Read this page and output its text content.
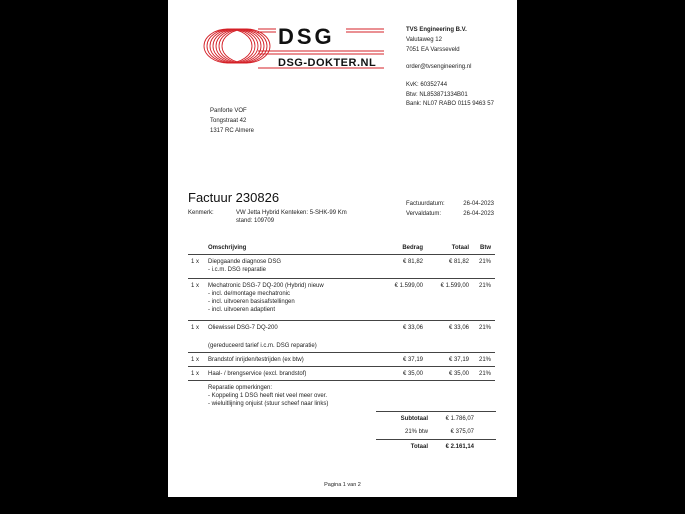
DSG
DSG-DOKTER.NL
TVS Engineering B.V.
Valutaweg 12
7051 EA Varsseveld
order@tvsengineering.nl
KvK: 60352744
Btw: NL853871334B01
Bank: NL07 RABO 0115 9463 57
Panforte VOF
Tongstraat 42
1317 RC Almere
Factuur 230826
Kenmerk:	VW Jetta Hybrid Kenteken: 5-SHK-99 Km stand: 109709
Factuurdatum:	26-04-2023
Vervaldatum:	26-04-2023
Omschrijving	Bedrag	Totaal Btw
1 x Diepgaande diagnose DSG
- i.c.m. DSG reparatie
€ 81,82	€ 81,82 21%
1 x Mechatronic DSG-7 DQ-200 (Hybrid) nieuw
- incl. de/montage mechatronic
- incl. uitvoeren basisafstellingen
- incl. uitvoeren adaptient
€ 1.599,00	€ 1.599,00 21%
1 x Oliewissel DSG-7 DQ-200
(gereduceerd tarief i.c.m. DSG reparatie)
€ 33,06	€ 33,06 21%
1 x Brandstof inrijden/testrijden (ex btw)	€ 37,19	€ 37,19 21%
1 x Haal- / brengservice (excl. brandstof)	€ 35,00	€ 35,00 21%
Reparatie opmerkingen:
- Koppeling 1 DSG heeft niet veel meer over.
- wieluitlijning onjuist (stuur scheef naar links)
Subtotaal	€ 1.786,07
21% btw	€ 375,07
Totaal	€ 2.161,14
Pagina 1 van 2
